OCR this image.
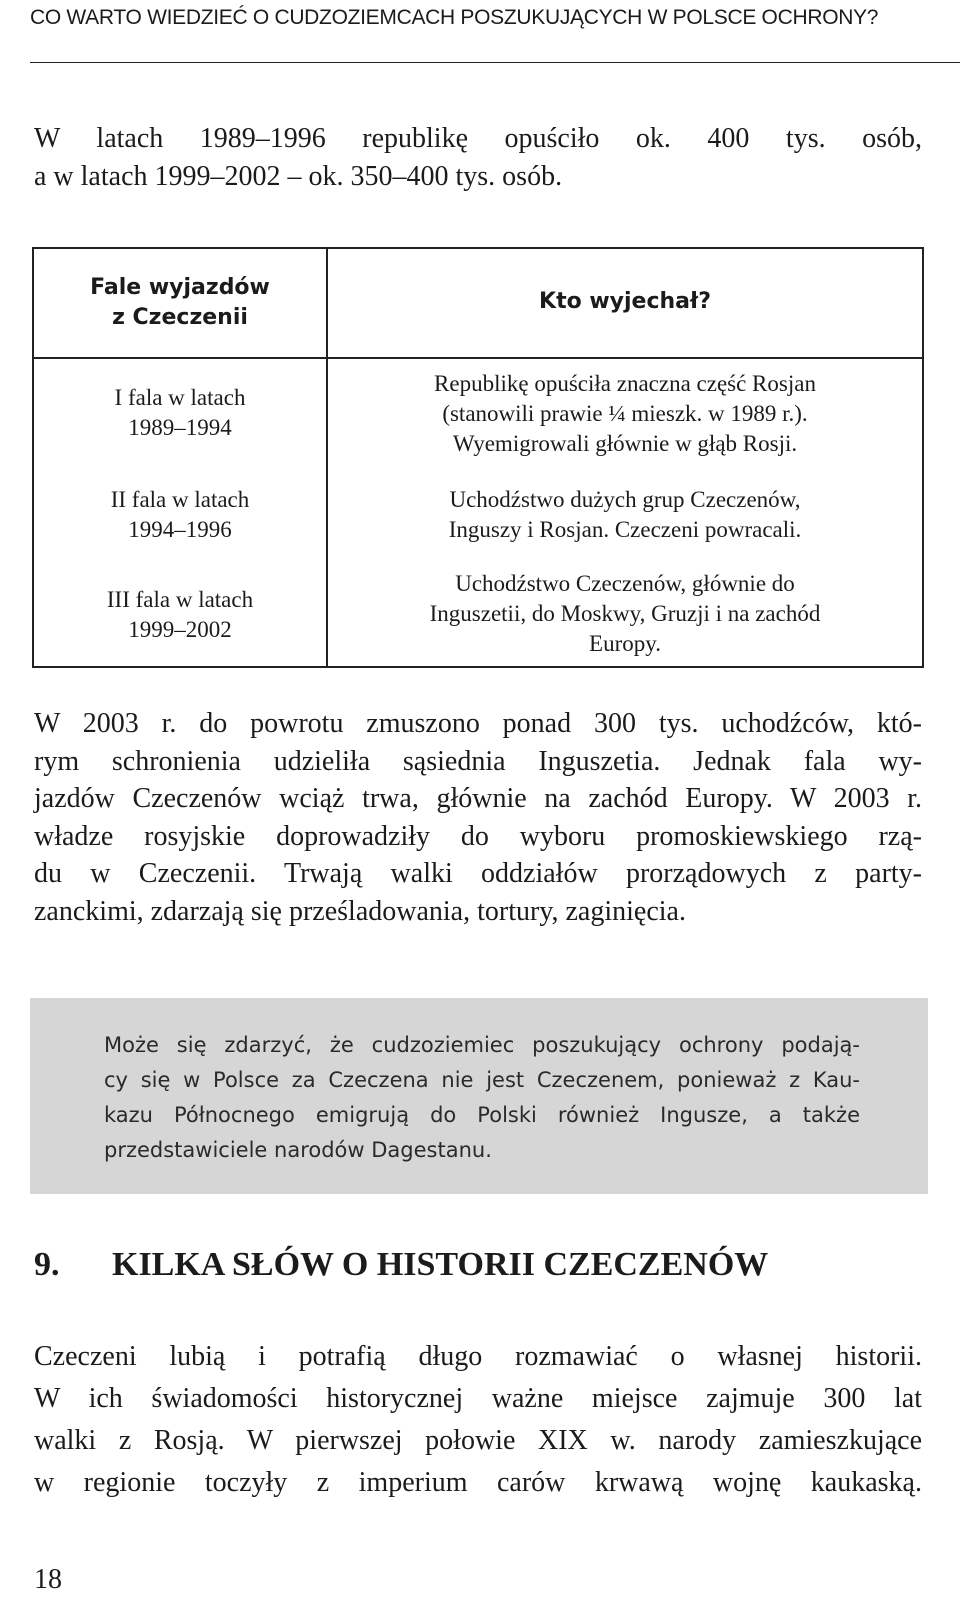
CO WARTO WIEDZIEĆ O CUDZOZIEMCACH POSZUKUJĄCYCH W POLSCE OCHRONY?
W latach 1989–1996 republikę opuściło ok. 400 tys. osób,
a w latach 1999–2002 – ok. 350–400 tys. osób.
Fale wyjazdów
z Czeczenii
Kto wyjechał?
I fala w latach
1989–1994
Republikę opuściła znaczna część Rosjan
(stanowili prawie ¼ mieszk. w 1989 r.).
Wyemigrowali głównie w głąb Rosji.
II fala w latach
1994–1996
Uchodźstwo dużych grup Czeczenów,
Inguszy i Rosjan. Czeczeni powracali.
III fala w latach
1999–2002
Uchodźstwo Czeczenów, głównie do
Inguszetii, do Moskwy, Gruzji i na zachód
Europy.
W 2003 r. do powrotu zmuszono ponad 300 tys. uchodźców, któ-
rym schronienia udzieliła sąsiednia Inguszetia. Jednak fala wy-
jazdów Czeczenów wciąż trwa, głównie na zachód Europy. W 2003 r.
władze rosyjskie doprowadziły do wyboru promoskiewskiego rzą-
du w Czeczenii. Trwają walki oddziałów prorządowych z party-
zanckimi, zdarzają się prześladowania, tortury, zaginięcia.
Może się zdarzyć, że cudzoziemiec poszukujący ochrony podają-
cy się w Polsce za Czeczena nie jest Czeczenem, ponieważ z Kau-
kazu Północnego emigrują do Polski również Ingusze, a także
przedstawiciele narodów Dagestanu.
9. KILKA SŁÓW O HISTORII CZECZENÓW
Czeczeni lubią i potrafią długo rozmawiać o własnej historii.
W ich świadomości historycznej ważne miejsce zajmuje 300 lat
walki z Rosją. W pierwszej połowie XIX w. narody zamieszkujące
w regionie toczyły z imperium carów krwawą wojnę kaukaską.
18
